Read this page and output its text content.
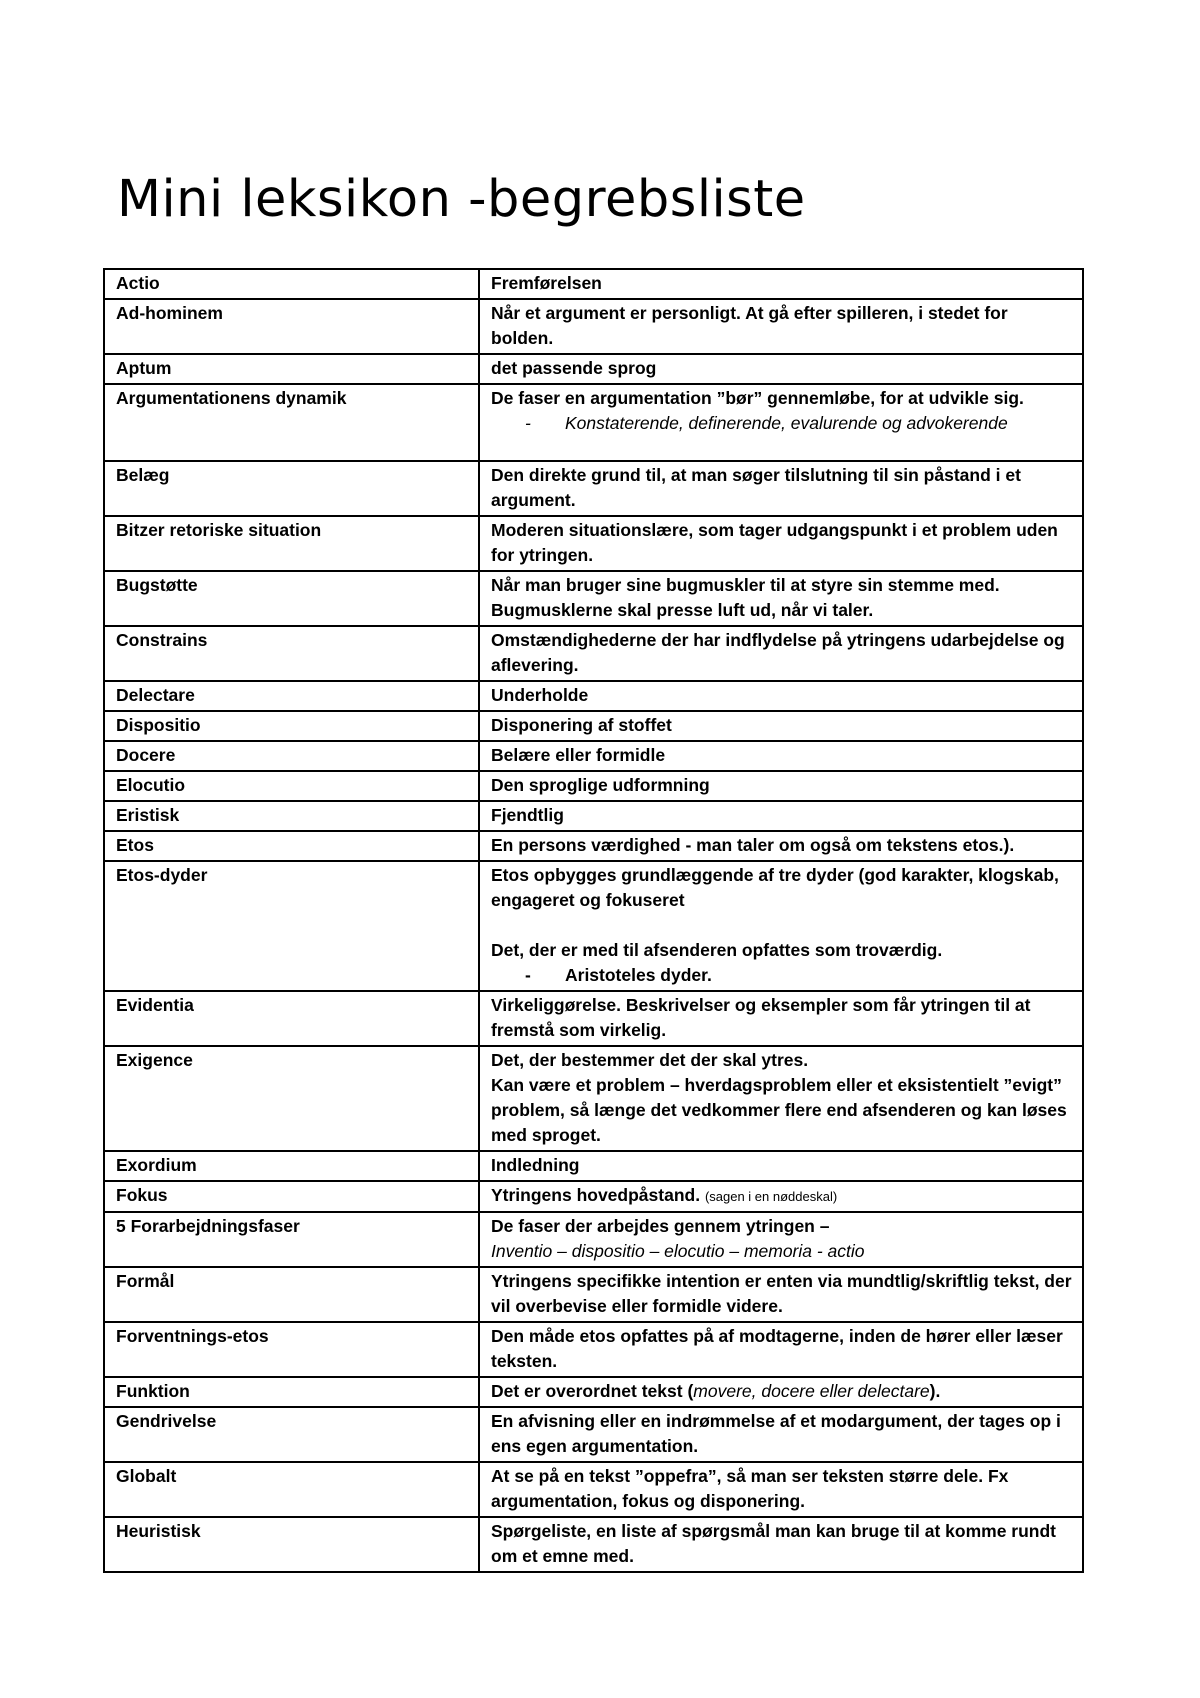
Mini leksikon -begrebsliste
Actio	Fremførelsen
Ad-hominem	Når et argument er personligt. At gå efter spilleren, i stedet for bolden.
Aptum	det passende sprog
Argumentationens dynamik	De faser en argumentation ”bør” gennemløbe, for at udvikle sig.
- Konstaterende, definerende, evalurende og advokerende

Belæg	Den direkte grund til, at man søger tilslutning til sin påstand i et argument.
Bitzer retoriske situation	Moderen situationslære, som tager udgangspunkt i et problem uden for ytringen.
Bugstøtte	Når man bruger sine bugmuskler til at styre sin stemme med. Bugmusklerne skal presse luft ud, når vi taler.
Constrains	Omstændighederne der har indflydelse på ytringens udarbejdelse og aflevering.
Delectare	Underholde
Dispositio	Disponering af stoffet
Docere	Belære eller formidle
Elocutio	Den sproglige udformning
Eristisk	Fjendtlig
Etos	En persons værdighed - man taler om også om tekstens etos.).
Etos-dyder	Etos opbygges grundlæggende af tre dyder (god karakter, klogskab, engageret og fokuseret
Det, der er med til afsenderen opfattes som troværdig.
- Aristoteles dyder.

Evidentia	Virkeliggørelse. Beskrivelser og eksempler som får ytringen til at fremstå som virkelig.
Exigence	Det, der bestemmer det der skal ytres.
Kan være et problem – hverdagsproblem eller et eksistentielt ”evigt” problem, så længe det vedkommer flere end afsenderen og kan løses med sproget.

Exordium	Indledning
Fokus	Ytringens hovedpåstand. (sagen i en nøddeskal)
5 Forarbejdningsfaser	De faser der arbejdes gennem ytringen –
Inventio – dispositio – elocutio – memoria - actio

Formål	Ytringens specifikke intention er enten via mundtlig/skriftlig tekst, der vil overbevise eller formidle videre.
Forventnings-etos	Den måde etos opfattes på af modtagerne, inden de hører eller læser teksten.
Funktion	Det er overordnet tekst (movere, docere eller delectare).
Gendrivelse	En afvisning eller en indrømmelse af et modargument, der tages op i ens egen argumentation.
Globalt	At se på en tekst ”oppefra”, så man ser teksten større dele. Fx argumentation, fokus og disponering.
Heuristisk	Spørgeliste, en liste af spørgsmål man kan bruge til at komme rundt om et emne med.
